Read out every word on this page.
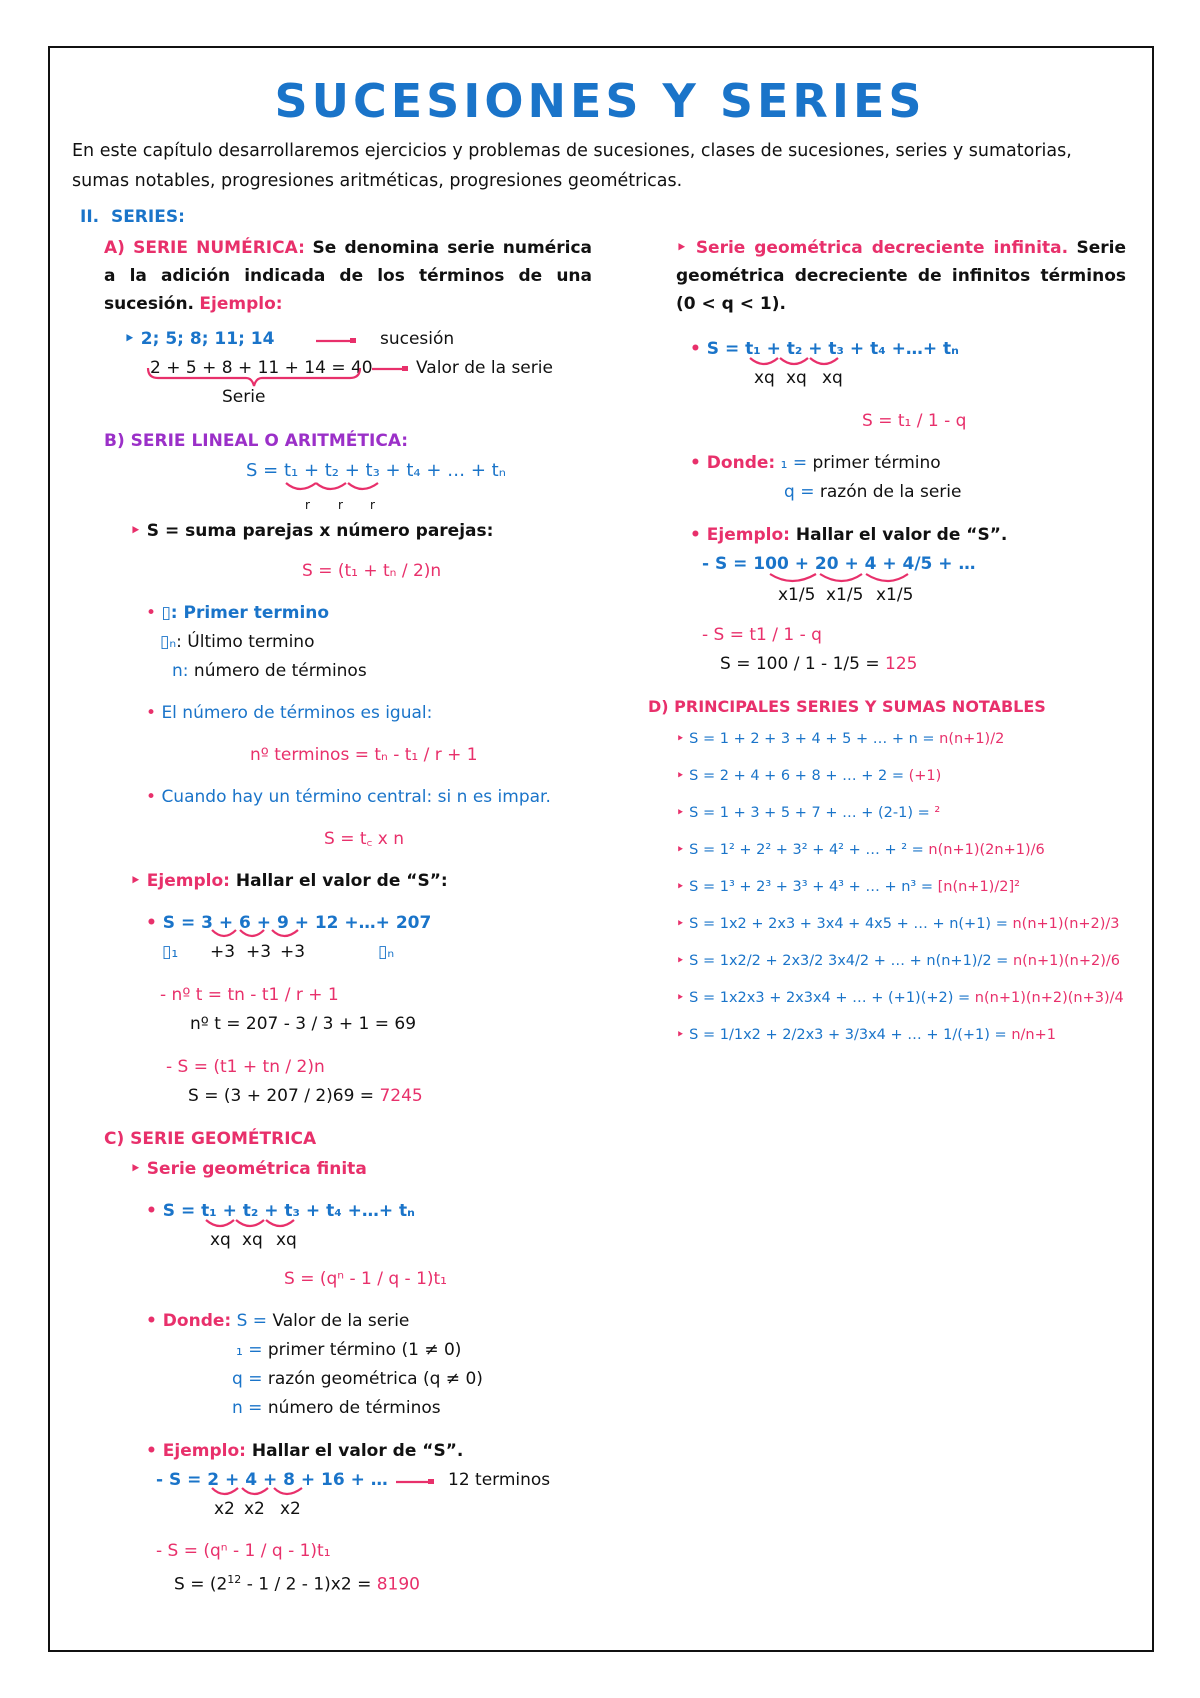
SUCESIONES Y SERIES
En este capítulo desarrollaremos ejercicios y problemas de sucesiones, clases de sucesiones, series y sumatorias, sumas notables, progresiones aritméticas, progresiones geométricas.
II. SERIES:
A) SERIE NUMÉRICA: Se denomina serie numérica a la adición indicada de los términos de una sucesión. Ejemplo:
‣ 2; 5; 8; 11; 14	sucesión
2 + 5 + 8 + 11 + 14 = 40	Valor de la serie
Serie
B) SERIE LINEAL O ARITMÉTICA:
S = t₁ + t₂ + t₃ + t₄ + … + tₙ
r r r
‣ S = suma parejas x número parejas:
S = (t₁ + tₙ / 2)n
• ▯: Primer termino
▯ₙ: Último termino
n: número de términos
• El número de términos es igual:
nº terminos = tₙ - t₁ / r + 1
• Cuando hay un término central: si n es impar.
S = t꜀ x n
‣ Ejemplo: Hallar el valor de “S”:
• S = 3 + 6 + 9 + 12 +…+ 207
▯₁ +3 +3 +3	▯ₙ
- nº t = tn - t1 / r + 1
nº t = 207 - 3 / 3 + 1 = 69
- S = (t1 + tn / 2)n
S = (3 + 207 / 2)69 = 7245
C) SERIE GEOMÉTRICA
‣ Serie geométrica finita
• S = t₁ + t₂ + t₃ + t₄ +…+ tₙ
xq xq xq
S = (qⁿ - 1 / q - 1)t₁
• Donde: S = Valor de la serie
₁ = primer término (1 ≠ 0)
q = razón geométrica (q ≠ 0)
n = número de términos
• Ejemplo: Hallar el valor de “S”.
- S = 2 + 4 + 8 + 16 + …	12 terminos
x2 x2 x2
- S = (qⁿ - 1 / q - 1)t₁
$S = (2^{12} - 1 / 2 - 1)x2 = 8190$
‣ Serie geométrica decreciente infinita. Serie geométrica decreciente de infinitos términos (0 < q < 1).
• S = t₁ + t₂ + t₃ + t₄ +…+ tₙ
xq xq xq
S = t₁ / 1 - q
• Donde: ₁ = primer término
q = razón de la serie
• Ejemplo: Hallar el valor de “S”.
- S = 100 + 20 + 4 + 4/5 + …
x1/5 x1/5 x1/5
- S = t1 / 1 - q
S = 100 / 1 - 1/5 = 125
D) PRINCIPALES SERIES Y SUMAS NOTABLES
‣ S = 1 + 2 + 3 + 4 + 5 + … + n = n(n+1)/2
‣ S = 2 + 4 + 6 + 8 + … + 2 = (+1)
‣ S = 1 + 3 + 5 + 7 + … + (2-1) = ²
‣ S = 1² + 2² + 3² + 4² + … + ² = n(n+1)(2n+1)/6
‣ S = 1³ + 2³ + 3³ + 4³ + … + n³ = [n(n+1)/2]²
‣ S = 1x2 + 2x3 + 3x4 + 4x5 + … + n(+1) = n(n+1)(n+2)/3
‣ S = 1x2/2 + 2x3/2 3x4/2 + … + n(n+1)/2 = n(n+1)(n+2)/6
‣ S = 1x2x3 + 2x3x4 + … + (+1)(+2) = n(n+1)(n+2)(n+3)/4
‣ S = 1/1x2 + 2/2x3 + 3/3x4 + … + 1/(+1) = n/n+1
